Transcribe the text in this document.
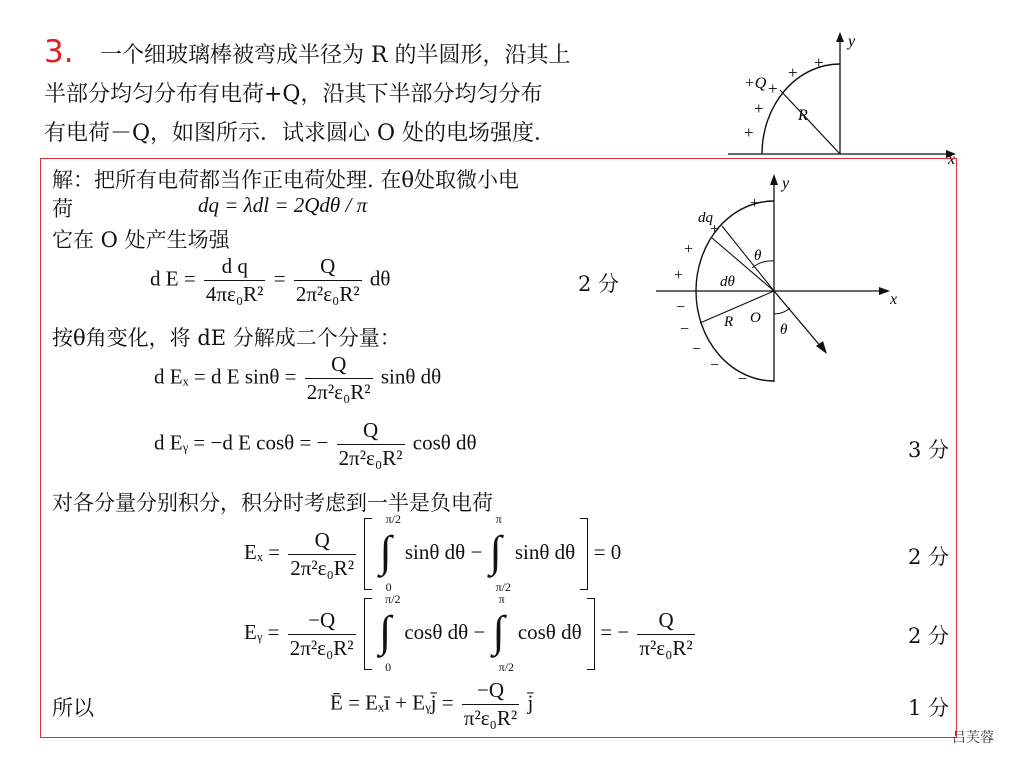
3. 一个细玻璃棒被弯成半径为 R 的半圆形，沿其上
半部分均匀分布有电荷+Q，沿其下半部分均匀分布
有电荷－Q，如图所示．试求圆心 O 处的电场强度．
y
x
R
+Q
+
+
+
+
+
解：把所有电荷都当作正电荷处理. 在θ处取微小电
荷	dq = λdl = 2Qdθ / π
它在 O 处产生场强
d $E = \frac{\text{d q}}{\text{4πε₀R²}} = \frac{Q}{\text{2π²ε₀R²}}$ dθ	2 分
按θ角变化，将 dE 分解成二个分量：
d Eₓ = d E $\sin\theta = \frac{Q}{\text{2π²ε₀R²}}$ sinθ dθ
d Eᵧ = −d E cosθ = − $\frac{Q}{\text{2π²ε₀R²}}$ cosθ dθ	3 分
对各分量分别积分，积分时考虑到一半是负电荷
$E_x = \frac{Q}{\text{2π²ε₀R²}}$

π/2
∫
0
sinθ dθ −
π
∫
π/2
sinθ dθ = 0	2 分
Eᵧ = $\frac{-Q}{\text{2π²ε₀R²}}$

π/2
∫
0
cosθ dθ −
π
∫
π/2
cosθ dθ = − $\frac{Q}{\text{π²ε₀R²}}$	2 分
所以	Ē = Eₓī + Eᵧj̄ = $\frac{-Q}{\text{π²ε₀R²}}$ j̄	1 分
y
x
dq
θ
dθ
R O
θ
+
+
+
+
−
−
−
−
−
吕芙蓉
